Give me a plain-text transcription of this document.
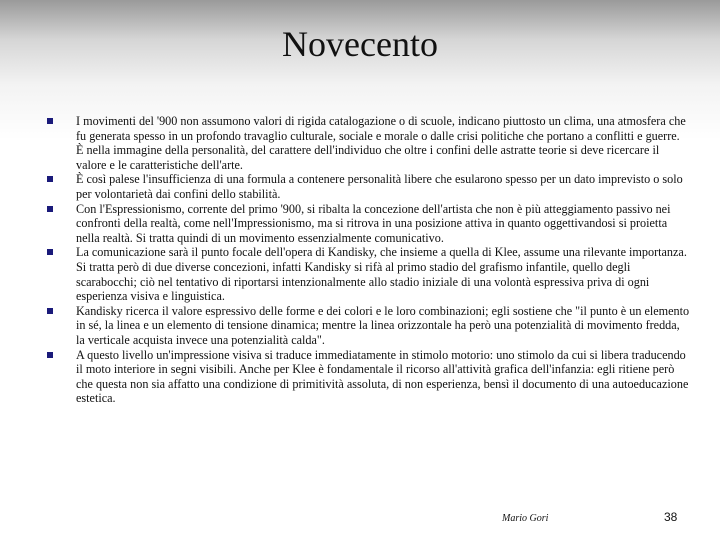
Novecento
I movimenti del '900 non assumono valori di rigida catalogazione o di scuole, indicano piuttosto un clima, una atmosfera che fu generata spesso in un profondo travaglio culturale, sociale e morale o dalle crisi politiche che portano a conflitti e guerre. È nella immagine della personalità, del carattere dell'individuo che oltre i confini delle astratte teorie si deve ricercare il valore e le caratteristiche dell'arte.
È così palese l'insufficienza di una formula a contenere personalità libere che esularono spesso per un dato imprevisto o solo per volontarietà dai confini dello stabilità.
Con l'Espressionismo, corrente del primo '900, si ribalta la concezione dell'artista che non è più atteggiamento passivo nei confronti della realtà, come nell'Impressionismo, ma si ritrova in una posizione attiva in quanto oggettivandosi si proietta nella realtà. Si tratta quindi di un movimento essenzialmente comunicativo.
La comunicazione sarà il punto focale dell'opera di Kandisky, che insieme a quella di Klee, assume una rilevante importanza. Si tratta però di due diverse concezioni, infatti Kandisky si rifà al primo stadio del grafismo infantile, quello degli scarabocchi; ciò nel tentativo di riportarsi intenzionalmente allo stadio iniziale di una volontà espressiva priva di ogni esperienza visiva e linguistica.
Kandisky ricerca il valore espressivo delle forme e dei colori e le loro combinazioni; egli sostiene che "il punto è un elemento in sé, la linea e un elemento di tensione dinamica; mentre la linea orizzontale ha però una potenzialità di movimento fredda, la verticale acquista invece una potenzialità calda".
A questo livello un'impressione visiva si traduce immediatamente in stimolo motorio: uno stimolo da cui si libera traducendo il moto interiore in segni visibili. Anche per Klee è fondamentale il ricorso all'attività grafica dell'infanzia: egli ritiene però che questa non sia affatto una condizione di primitività assoluta, di non esperienza, bensì il documento di una autoeducazione estetica.
Mario Gori	38
